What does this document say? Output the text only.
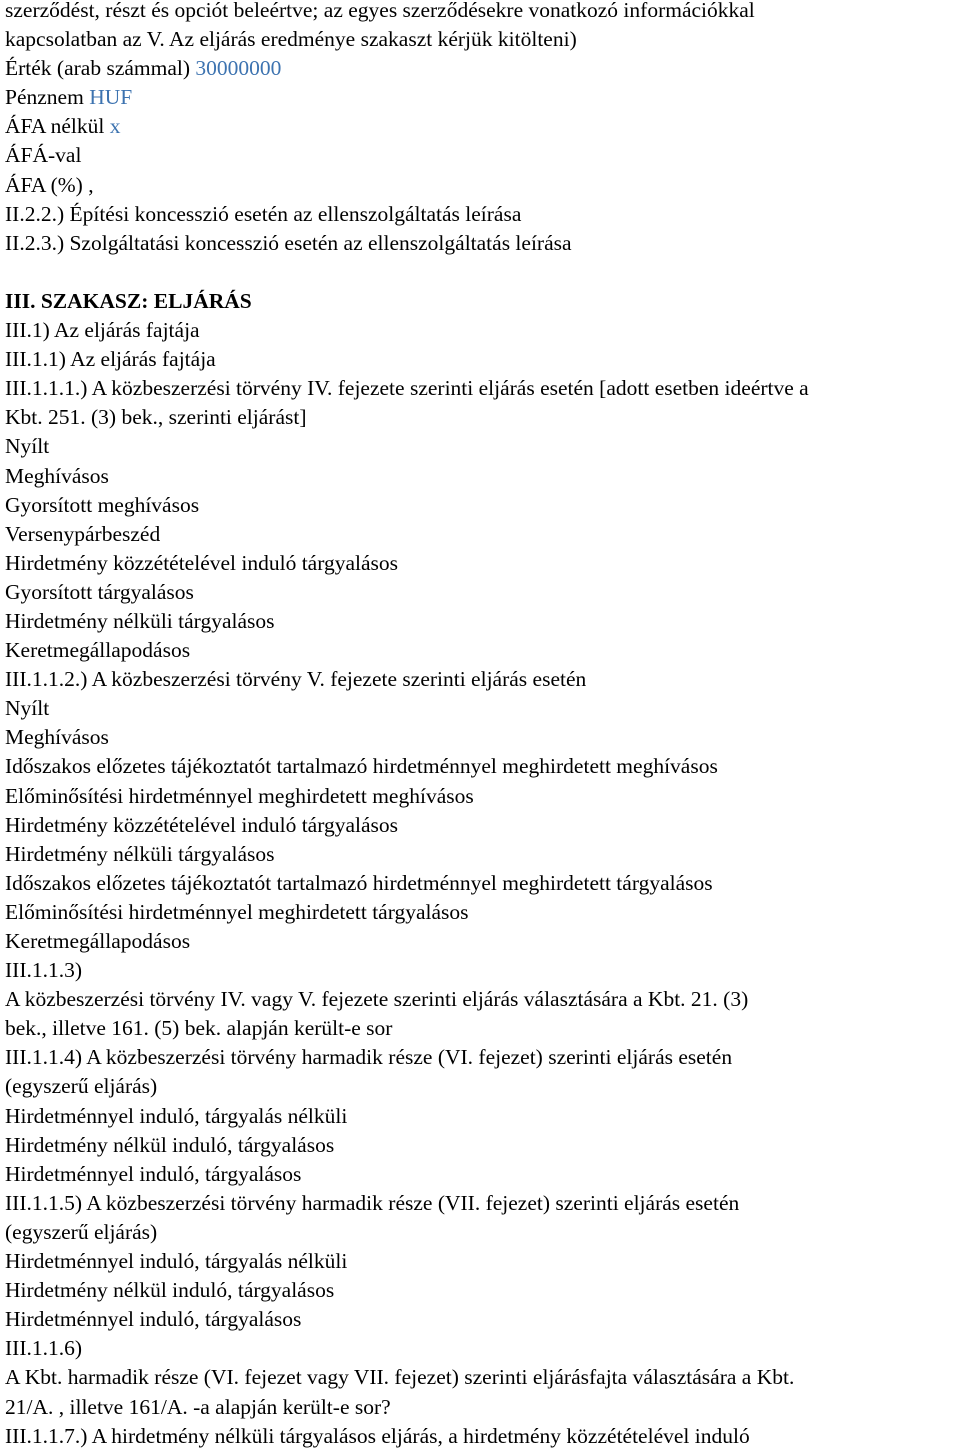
szerződést, részt és opciót beleértve; az egyes szerződésekre vonatkozó információkkal
kapcsolatban az V. Az eljárás eredménye szakaszt kérjük kitölteni)
Érték (arab számmal) 30000000
Pénznem HUF
ÁFA nélkül x
ÁFÁ-val
ÁFA (%) ,
II.2.2.) Építési koncesszió esetén az ellenszolgáltatás leírása
II.2.3.) Szolgáltatási koncesszió esetén az ellenszolgáltatás leírása
III. SZAKASZ: ELJÁRÁS
III.1) Az eljárás fajtája
III.1.1) Az eljárás fajtája
III.1.1.1.) A közbeszerzési törvény IV. fejezete szerinti eljárás esetén [adott esetben ideértve a
Kbt. 251. (3) bek., szerinti eljárást]
Nyílt
Meghívásos
Gyorsított meghívásos
Versenypárbeszéd
Hirdetmény közzétételével induló tárgyalásos
Gyorsított tárgyalásos
Hirdetmény nélküli tárgyalásos
Keretmegállapodásos
III.1.1.2.) A közbeszerzési törvény V. fejezete szerinti eljárás esetén
Nyílt
Meghívásos
Időszakos előzetes tájékoztatót tartalmazó hirdetménnyel meghirdetett meghívásos
Előminősítési hirdetménnyel meghirdetett meghívásos
Hirdetmény közzétételével induló tárgyalásos
Hirdetmény nélküli tárgyalásos
Időszakos előzetes tájékoztatót tartalmazó hirdetménnyel meghirdetett tárgyalásos
Előminősítési hirdetménnyel meghirdetett tárgyalásos
Keretmegállapodásos
III.1.1.3)
A közbeszerzési törvény IV. vagy V. fejezete szerinti eljárás választására a Kbt. 21. (3)
bek., illetve 161. (5) bek. alapján került-e sor
III.1.1.4) A közbeszerzési törvény harmadik része (VI. fejezet) szerinti eljárás esetén
(egyszerű eljárás)
Hirdetménnyel induló, tárgyalás nélküli
Hirdetmény nélkül induló, tárgyalásos
Hirdetménnyel induló, tárgyalásos
III.1.1.5) A közbeszerzési törvény harmadik része (VII. fejezet) szerinti eljárás esetén
(egyszerű eljárás)
Hirdetménnyel induló, tárgyalás nélküli
Hirdetmény nélkül induló, tárgyalásos
Hirdetménnyel induló, tárgyalásos
III.1.1.6)
A Kbt. harmadik része (VI. fejezet vagy VII. fejezet) szerinti eljárásfajta választására a Kbt.
21/A. , illetve 161/A. -a alapján került-e sor?
III.1.1.7.) A hirdetmény nélküli tárgyalásos eljárás, a hirdetmény közzétételével induló
